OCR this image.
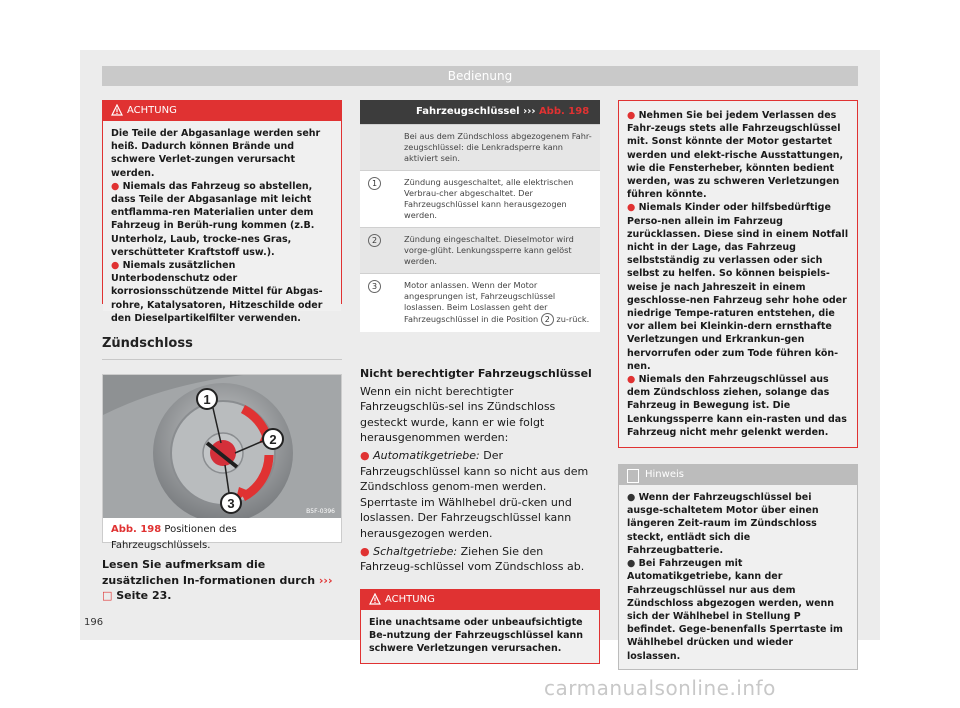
Bedienung
ACHTUNG

Die Teile der Abgasanlage werden sehr heiß. Dadurch können Brände und schwere Verlet-zungen verursacht werden.

● Niemals das Fahrzeug so abstellen, dass Teile der Abgasanlage mit leicht entflamma-ren Materialien unter dem Fahrzeug in Berüh-rung kommen (z.B. Unterholz, Laub, trocke-nes Gras, verschütteter Kraftstoff usw.).

● Niemals zusätzlichen Unterbodenschutz oder korrosionsschützende Mittel für Abgas-rohre, Katalysatoren, Hitzeschilde oder den Dieselpartikelfilter verwenden.

Zündschloss
1
2
3
B5F-0396
Abb. 198 Positionen des Fahrzeugschlüssels.
Lesen Sie aufmerksam die zusätzlichen In-formationen durch ››› □ Seite 23.
Fahrzeugschlüssel ››› Abb. 198
Bei aus dem Zündschloss abgezogenem Fahr-zeugschlüssel: die Lenkradsperre kann aktiviert sein.
1	Zündung ausgeschaltet, alle elektrischen Verbrau-cher abgeschaltet. Der Fahrzeugschlüssel kann herausgezogen werden.
2	Zündung eingeschaltet. Dieselmotor wird vorge-glüht. Lenkungssperre kann gelöst werden.
3	Motor anlassen. Wenn der Motor angesprungen ist, Fahrzeugschlüssel loslassen. Beim Loslassen geht der Fahrzeugschlüssel in die Position 2 zu-rück.
Nicht berechtigter Fahrzeugschlüssel
Wenn ein nicht berechtigter Fahrzeugschlüs-sel ins Zündschloss gesteckt wurde, kann er wie folgt herausgenommen werden:
● Automatikgetriebe: Der Fahrzeugschlüssel kann so nicht aus dem Zündschloss genom-men werden. Sperrtaste im Wählhebel drü-cken und loslassen. Der Fahrzeugschlüssel kann herausgezogen werden.
● Schaltgetriebe: Ziehen Sie den Fahrzeug-schlüssel vom Zündschloss ab.
ACHTUNG

Eine unachtsame oder unbeaufsichtigte Be-nutzung der Fahrzeugschlüssel kann schwere Verletzungen verursachen.

● Nehmen Sie bei jedem Verlassen des Fahr-zeugs stets alle Fahrzeugschlüssel mit. Sonst könnte der Motor gestartet werden und elekt-rische Ausstattungen, wie die Fensterheber, könnten bedient werden, was zu schweren Verletzungen führen könnte.

● Niemals Kinder oder hilfsbedürftige Perso-nen allein im Fahrzeug zurücklassen. Diese sind in einem Notfall nicht in der Lage, das Fahrzeug selbstständig zu verlassen oder sich selbst zu helfen. So können beispiels-weise je nach Jahreszeit in einem geschlosse-nen Fahrzeug sehr hohe oder niedrige Tempe-raturen entstehen, die vor allem bei Kleinkin-dern ernsthafte Verletzungen und Erkrankun-gen hervorrufen oder zum Tode führen kön-nen.

● Niemals den Fahrzeugschlüssel aus dem Zündschloss ziehen, solange das Fahrzeug in Bewegung ist. Die Lenkungssperre kann ein-rasten und das Fahrzeug nicht mehr gelenkt werden.

Hinweis

● Wenn der Fahrzeugschlüssel bei ausge-schaltetem Motor über einen längeren Zeit-raum im Zündschloss steckt, entlädt sich die Fahrzeugbatterie.

● Bei Fahrzeugen mit Automatikgetriebe, kann der Fahrzeugschlüssel nur aus dem Zündschloss abgezogen werden, wenn sich der Wählhebel in Stellung P befindet. Gege-benenfalls Sperrtaste im Wählhebel drücken und wieder loslassen.

196
carmanualsonline.info
